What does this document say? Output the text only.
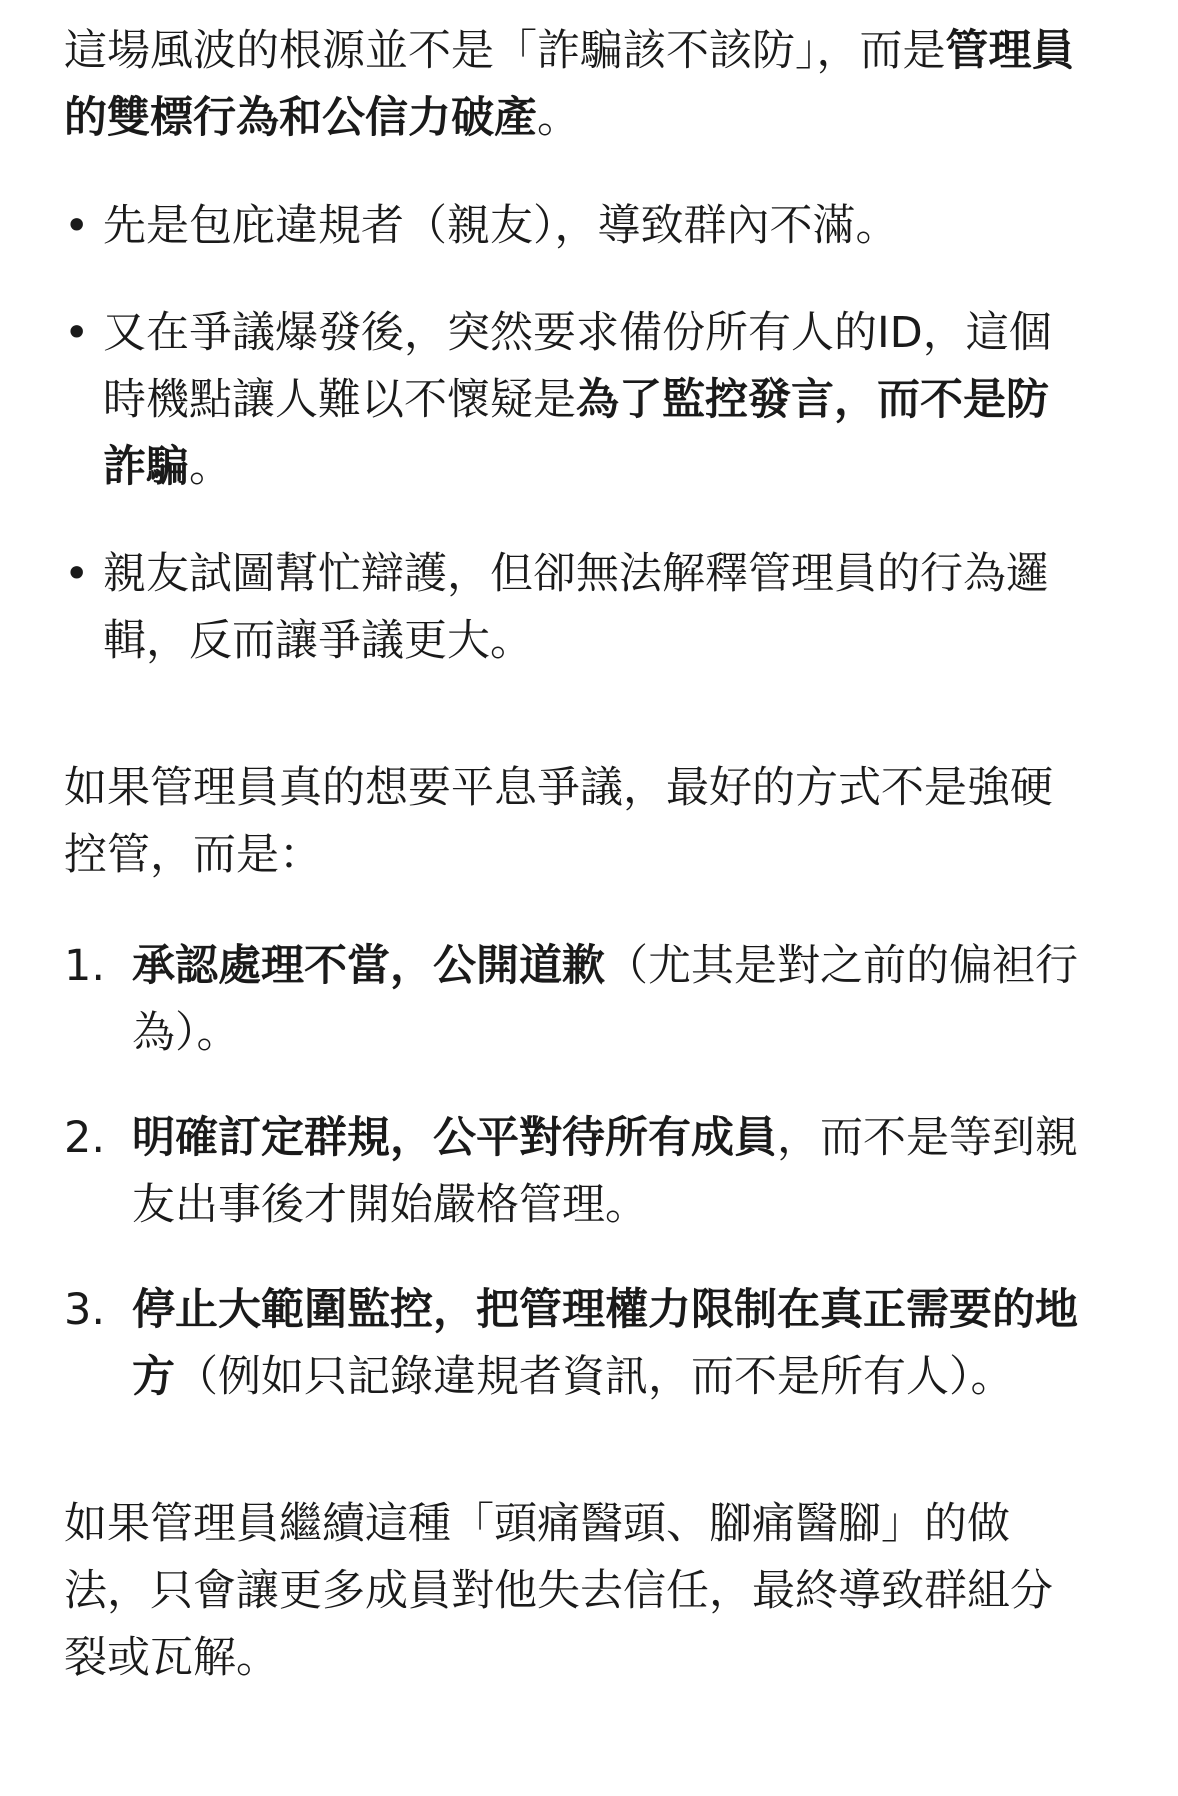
這場風波的根源並不是「詐騙該不該防」，而是管理員的雙標行為和公信力破產。

• 先是包庇違規者（親友），導致群內不滿。
• 又在爭議爆發後，突然要求備份所有人的ID，這個時機點讓人難以不懷疑是為了監控發言，而不是防詐騙。
• 親友試圖幫忙辯護，但卻無法解釋管理員的行為邏輯，反而讓爭議更大。

如果管理員真的想要平息爭議，最好的方式不是強硬控管，而是：

1. 承認處理不當，公開道歉（尤其是對之前的偏袒行為）。
2. 明確訂定群規，公平對待所有成員，而不是等到親友出事後才開始嚴格管理。
3. 停止大範圍監控，把管理權力限制在真正需要的地方（例如只記錄違規者資訊，而不是所有人）。

如果管理員繼續這種「頭痛醫頭、腳痛醫腳」的做法，只會讓更多成員對他失去信任，最終導致群組分裂或瓦解。
